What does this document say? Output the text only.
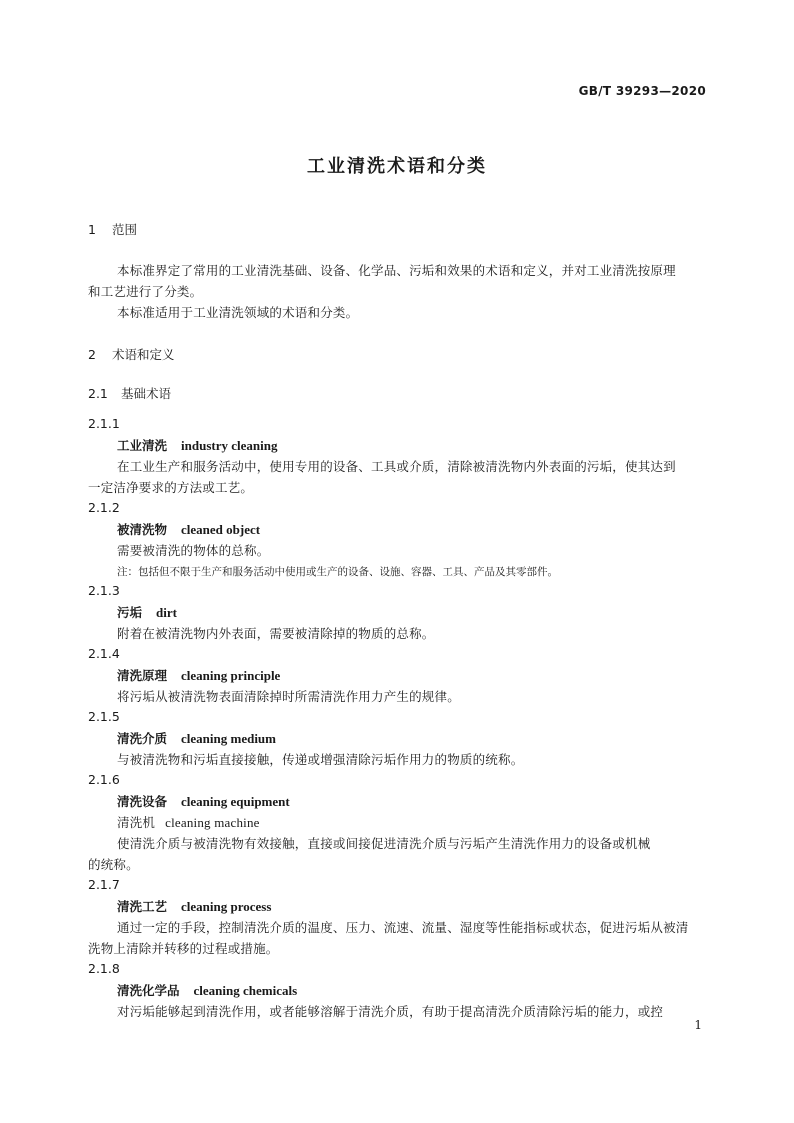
GB/T 39293—2020
工业清洗术语和分类
1 范围
本标准界定了常用的工业清洗基础、设备、化学品、污垢和效果的术语和定义，并对工业清洗按原理
和工艺进行了分类。
本标准适用于工业清洗领域的术语和分类。
2 术语和定义
2.1 基础术语
2.1.1
工业清洗 industry cleaning
在工业生产和服务活动中，使用专用的设备、工具或介质，清除被清洗物内外表面的污垢，使其达到
一定洁净要求的方法或工艺。
2.1.2
被清洗物 cleaned object
需要被清洗的物体的总称。
注：包括但不限于生产和服务活动中使用或生产的设备、设施、容器、工具、产品及其零部件。
2.1.3
污垢 dirt
附着在被清洗物内外表面，需要被清除掉的物质的总称。
2.1.4
清洗原理 cleaning principle
将污垢从被清洗物表面清除掉时所需清洗作用力产生的规律。
2.1.5
清洗介质 cleaning medium
与被清洗物和污垢直接接触，传递或增强清除污垢作用力的物质的统称。
2.1.6
清洗设备 cleaning equipment
清洗机 cleaning machine
使清洗介质与被清洗物有效接触，直接或间接促进清洗介质与污垢产生清洗作用力的设备或机械
的统称。
2.1.7
清洗工艺 cleaning process
通过一定的手段，控制清洗介质的温度、压力、流速、流量、湿度等性能指标或状态，促进污垢从被清
洗物上清除并转移的过程或措施。
2.1.8
清洗化学品 cleaning chemicals
对污垢能够起到清洗作用，或者能够溶解于清洗介质，有助于提高清洗介质清除污垢的能力，或控
1
